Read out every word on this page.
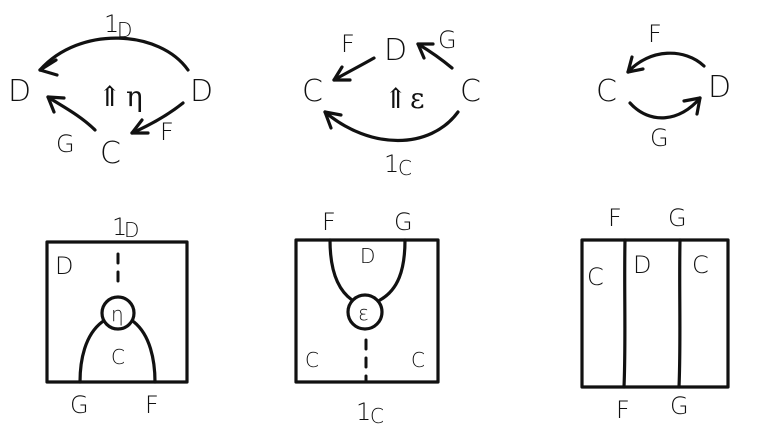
D	D
C
1
D
G	F
⇑ η	C	C
D
F	G
1
C
⇑ ε	C	D
F
G
1
D
D
η
C
G F
F G
D
ε
C	C
1
C
F G
C D C
F G
